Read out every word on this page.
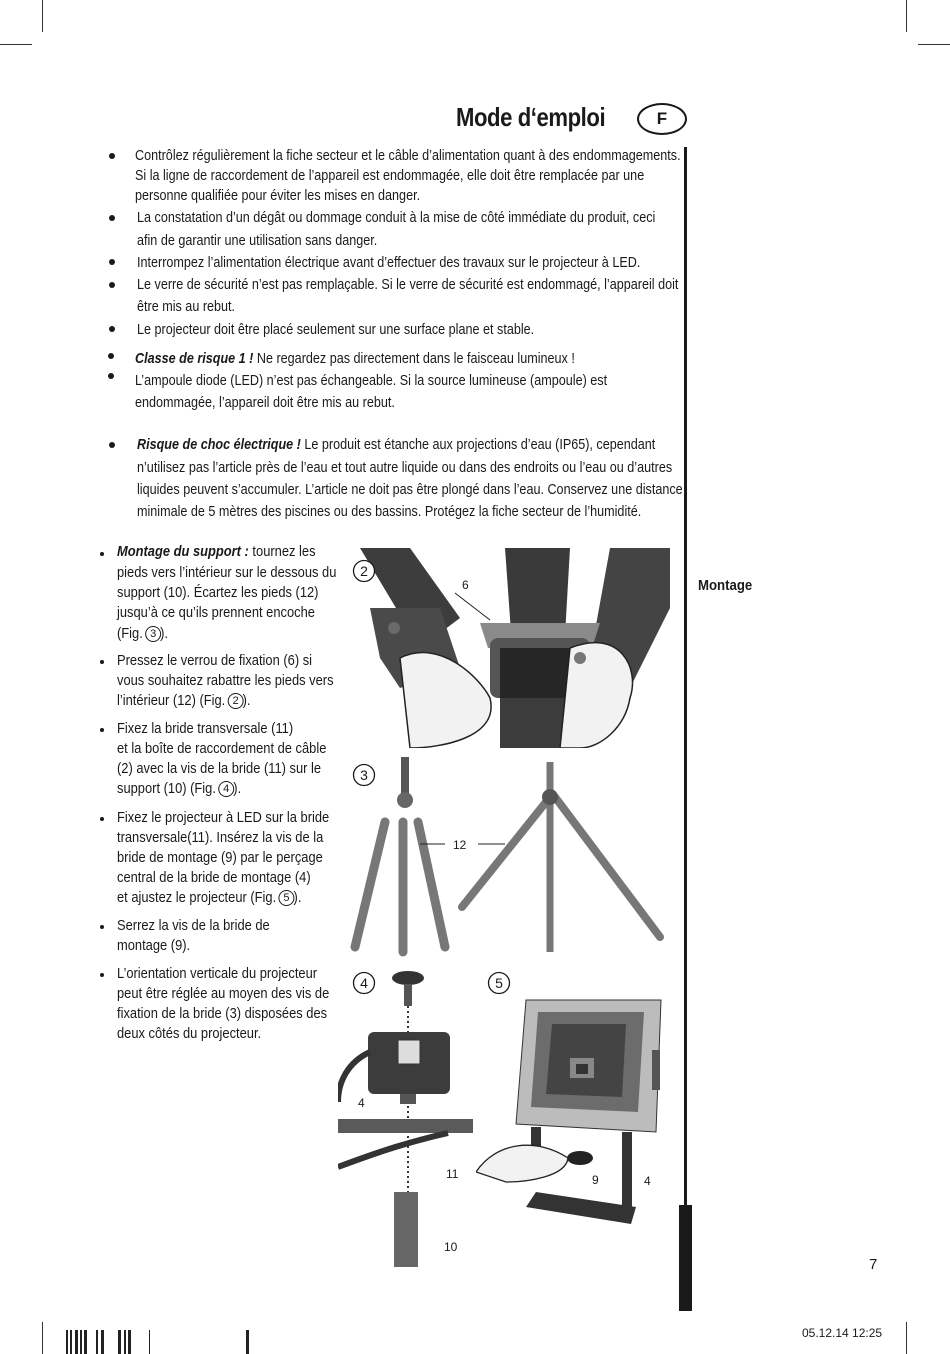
Mode d‘emploi	F
Contrôlez régulièrement la fiche secteur et le câble d’alimentation quant à des endommagements.
Si la ligne de raccordement de l’appareil est endommagée, elle doit être remplacée par une
personne qualifiée pour éviter les mises en danger.
La constatation d’un dégât ou dommage conduit à la mise de côté immédiate du produit, ceci
afin de garantir une utilisation sans danger.
Interrompez l’alimentation électrique avant d’effectuer des travaux sur le projecteur à LED.
Le verre de sécurité n’est pas remplaçable. Si le verre de sécurité est endommagé, l’appareil doit
être mis au rebut.
Le projecteur doit être placé seulement sur une surface plane et stable.
Classe de risque 1 ! Ne regardez pas directement dans le faisceau lumineux !
L’ampoule diode (LED) n’est pas échangeable. Si la source lumineuse (ampoule) est
endommagée, l’appareil doit être mis au rebut.
Risque de choc électrique ! Le produit est étanche aux projections d’eau (IP65), cependant
n’utilisez pas l’article près de l’eau et tout autre liquide ou dans des endroits ou l’eau ou d’autres
liquides peuvent s’accumuler. L’article ne doit pas être plongé dans l’eau. Conservez une distance
minimale de 5 mètres des piscines ou des bassins. Protégez la fiche secteur de l’humidité.
Montage du support : tournez les
pieds vers l’intérieur sur le dessous du
support (10). Écartez les pieds (12)
jusqu’à ce qu’ils prennent encoche
(Fig. 3 ).
Pressez le verrou de fixation (6) si
vous souhaitez rabattre les pieds vers
l’intérieur (12) (Fig. 2 ).
Fixez la bride transversale (11)
et la boîte de raccordement de câble
(2) avec la vis de la bride (11) sur le
support (10) (Fig. 4 ).
Fixez le projecteur à LED sur la bride
transversale(11). Insérez la vis de la
bride de montage (9) par le perçage
central de la bride de montage (4)
et ajustez le projecteur (Fig. 5 ).
Serrez la vis de la bride de
montage (9).
L’orientation verticale du projecteur
peut être réglée au moyen des vis de
fixation de la bride (3) disposées des
deux côtés du projecteur.
Montage
2
6
3
12
4
4
11
10
5
9	4
7
05.12.14 12:25
